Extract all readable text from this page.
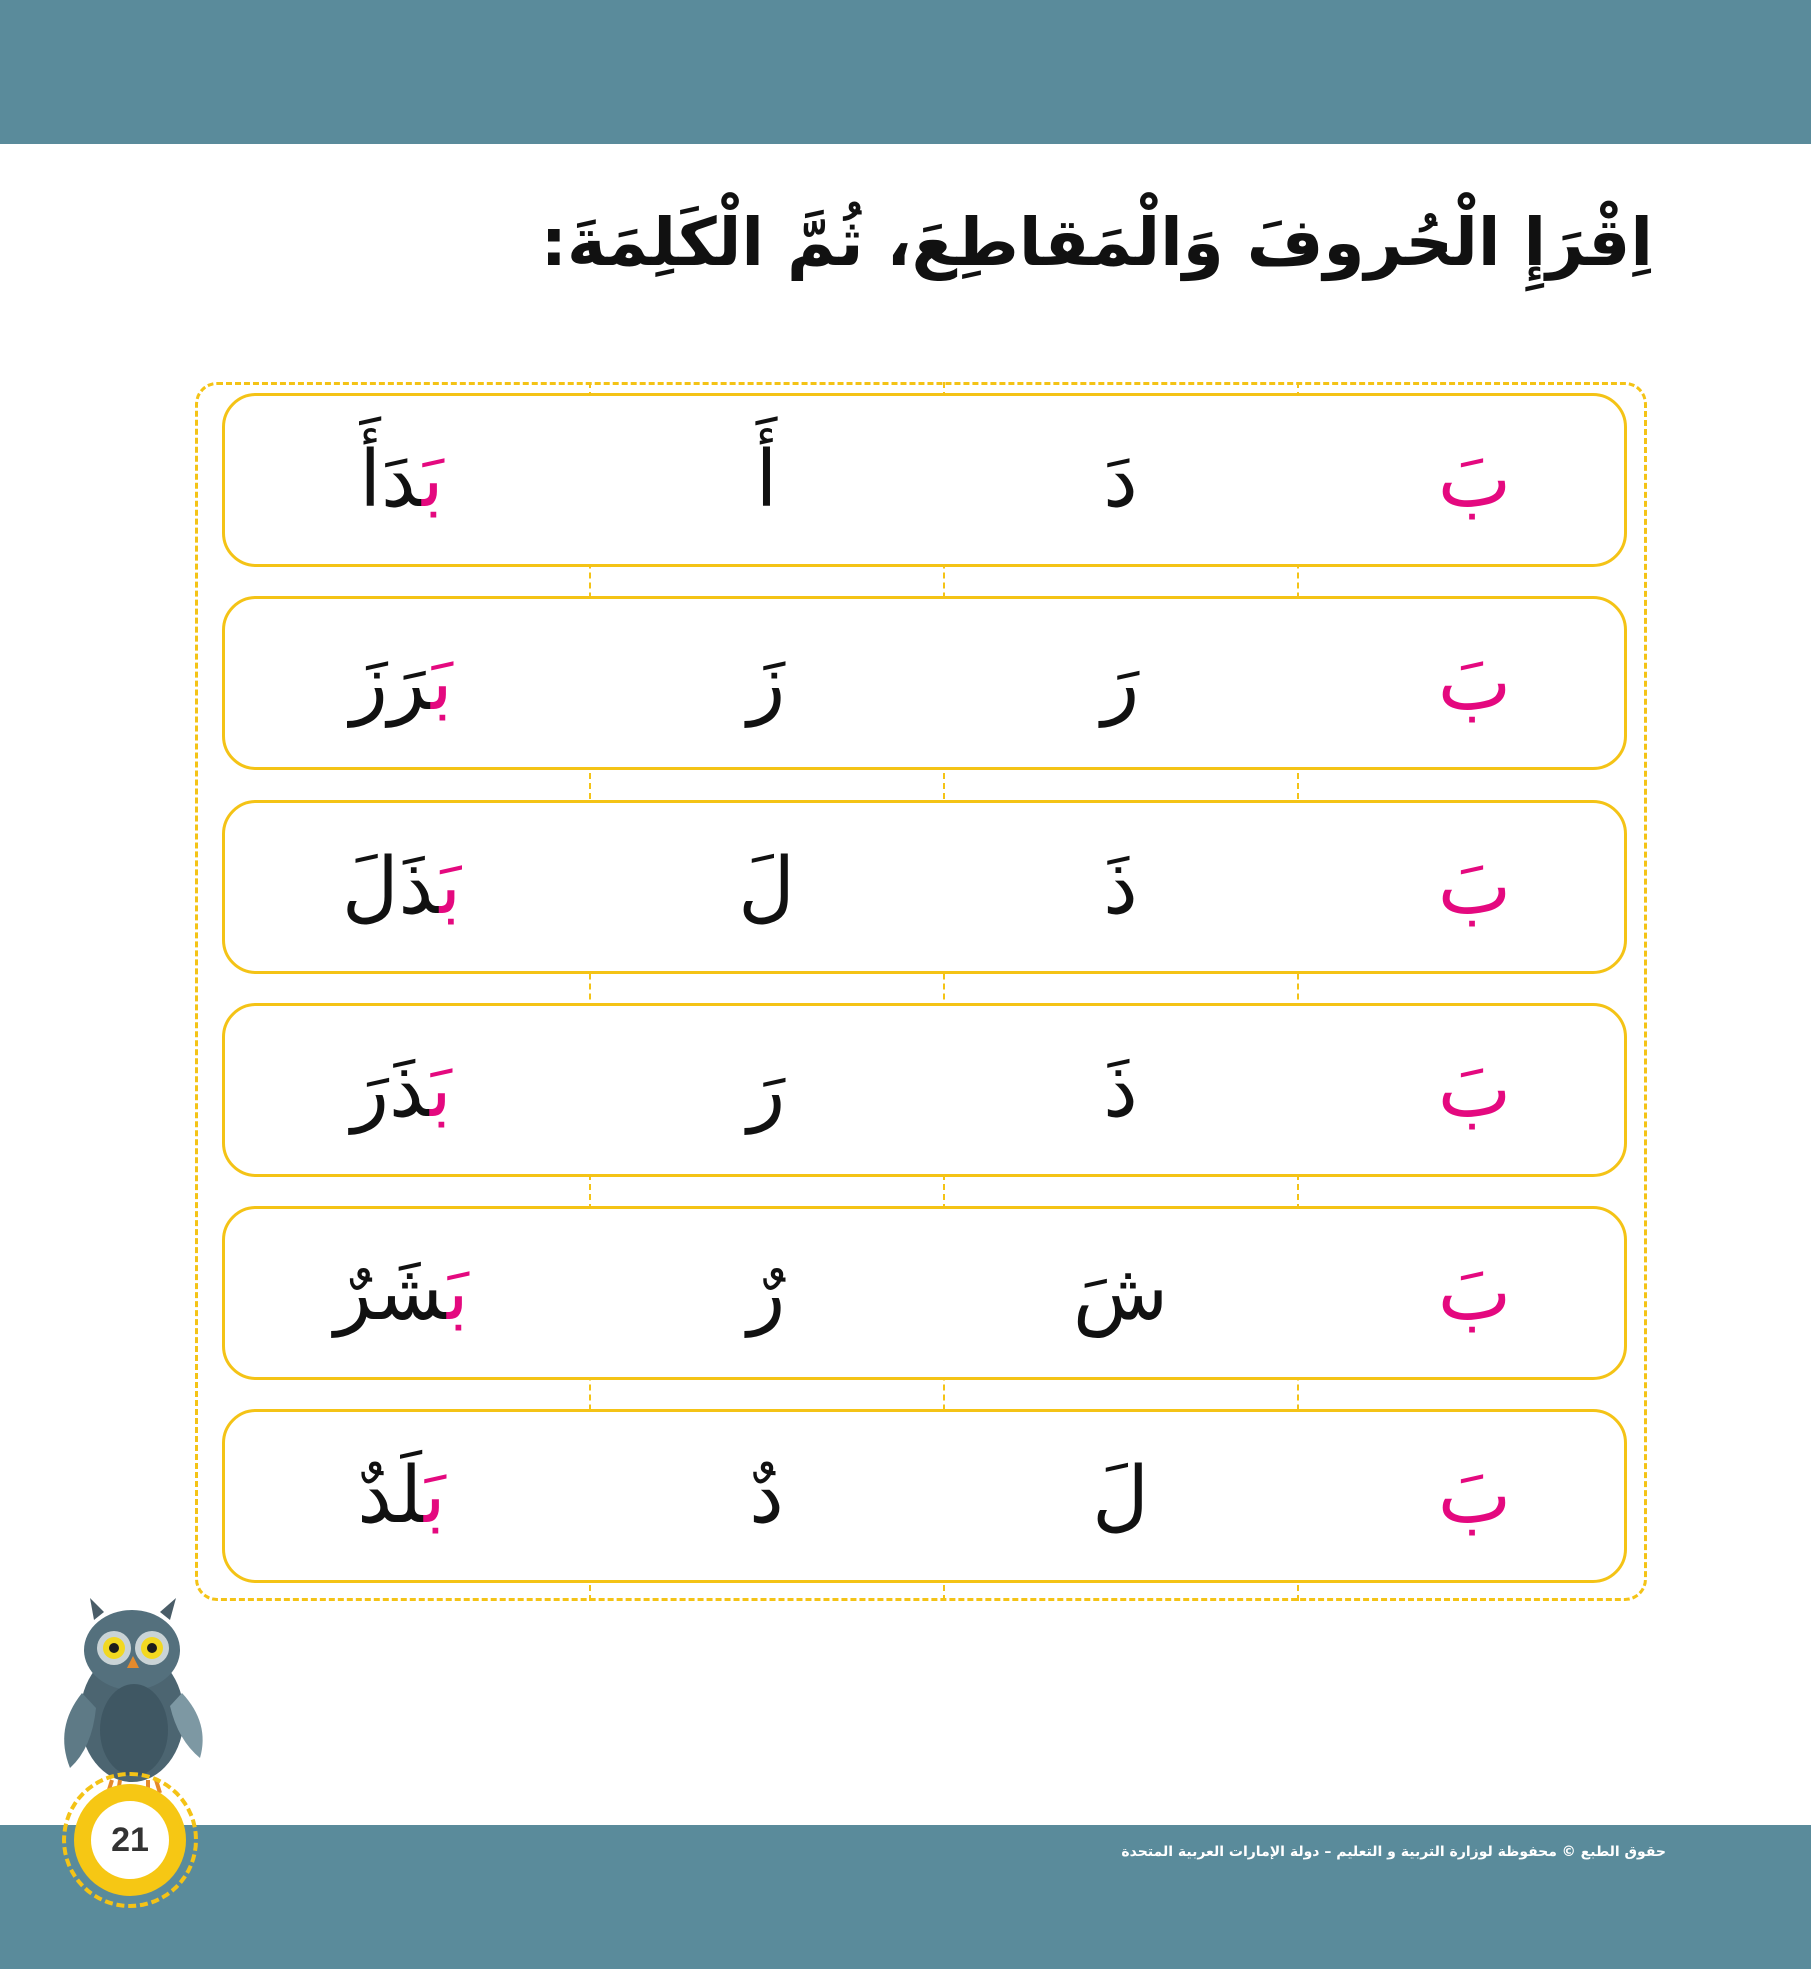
اِقْرَإِ الْحُروفَ وَالْمَقاطِعَ، ثُمَّ الْكَلِمَةَ:
بَ
دَ
أَ
بَدَأَ
بَ
رَ
زَ
بَرَزَ
بَ
ذَ
لَ
بَذَلَ
بَ
ذَ
رَ
بَذَرَ
بَ
شَ
رٌ
بَشَرٌ
بَ
لَ
دٌ
بَلَدٌ
21	حقوق الطبع © محفوظة لوزارة التربية و التعليم – دولة الإمارات العربية المتحدة
